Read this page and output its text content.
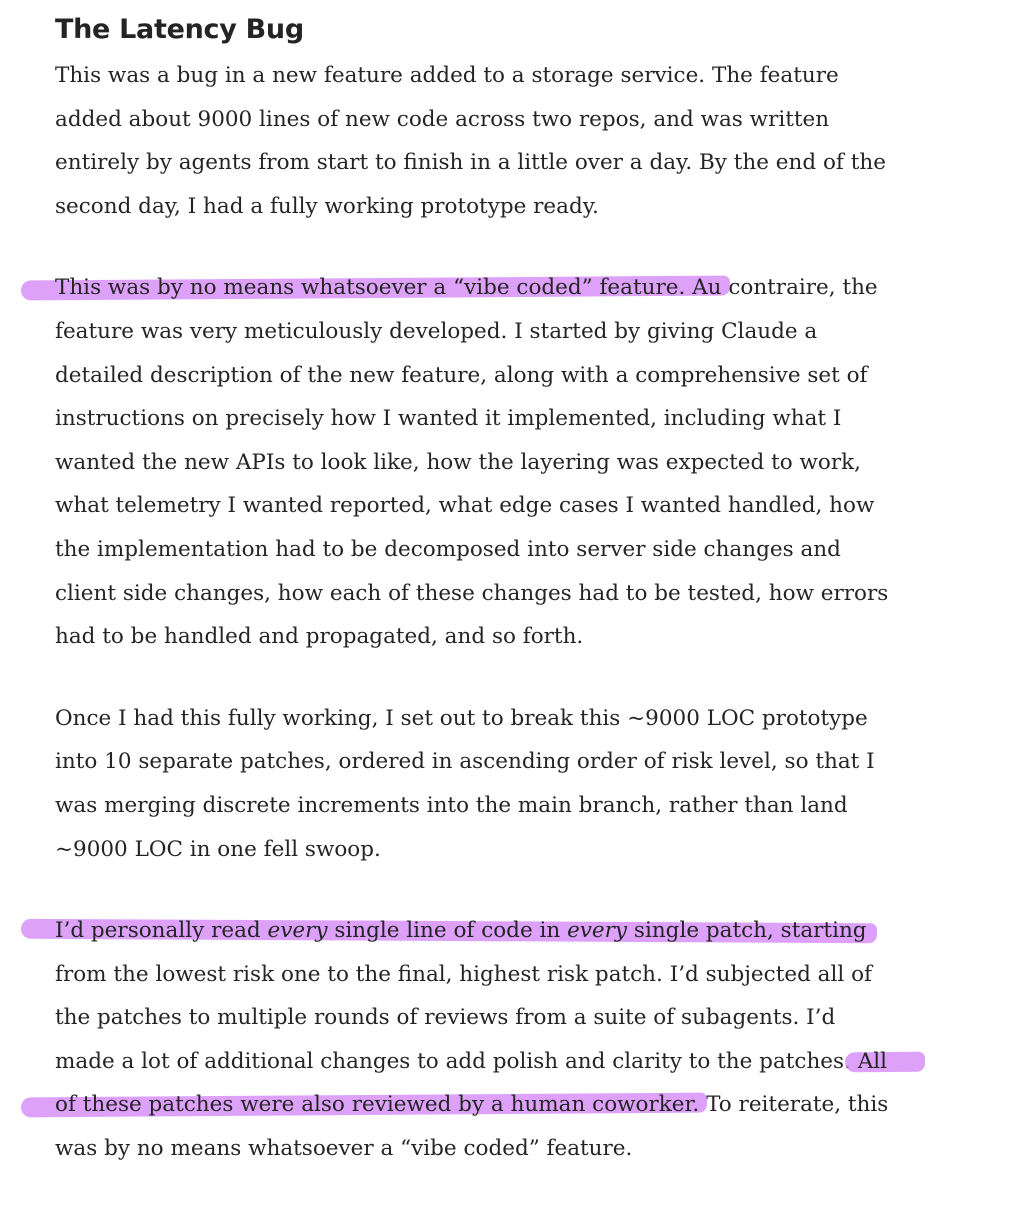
The Latency Bug

This was a bug in a new feature added to a storage service. The feature
added about 9000 lines of new code across two repos, and was written
entirely by agents from start to finish in a little over a day. By the end of the
second day, I had a fully working prototype ready.

This was by no means whatsoever a “vibe coded” feature. Au contraire, the
feature was very meticulously developed. I started by giving Claude a
detailed description of the new feature, along with a comprehensive set of
instructions on precisely how I wanted it implemented, including what I
wanted the new APIs to look like, how the layering was expected to work,
what telemetry I wanted reported, what edge cases I wanted handled, how
the implementation had to be decomposed into server side changes and
client side changes, how each of these changes had to be tested, how errors
had to be handled and propagated, and so forth.

Once I had this fully working, I set out to break this ~9000 LOC prototype
into 10 separate patches, ordered in ascending order of risk level, so that I
was merging discrete increments into the main branch, rather than land
~9000 LOC in one fell swoop.

I’d personally read every single line of code in every single patch, starting
from the lowest risk one to the final, highest risk patch. I’d subjected all of
the patches to multiple rounds of reviews from a suite of subagents. I’d
made a lot of additional changes to add polish and clarity to the patches. All
of these patches were also reviewed by a human coworker. To reiterate, this
was by no means whatsoever a “vibe coded” feature.
